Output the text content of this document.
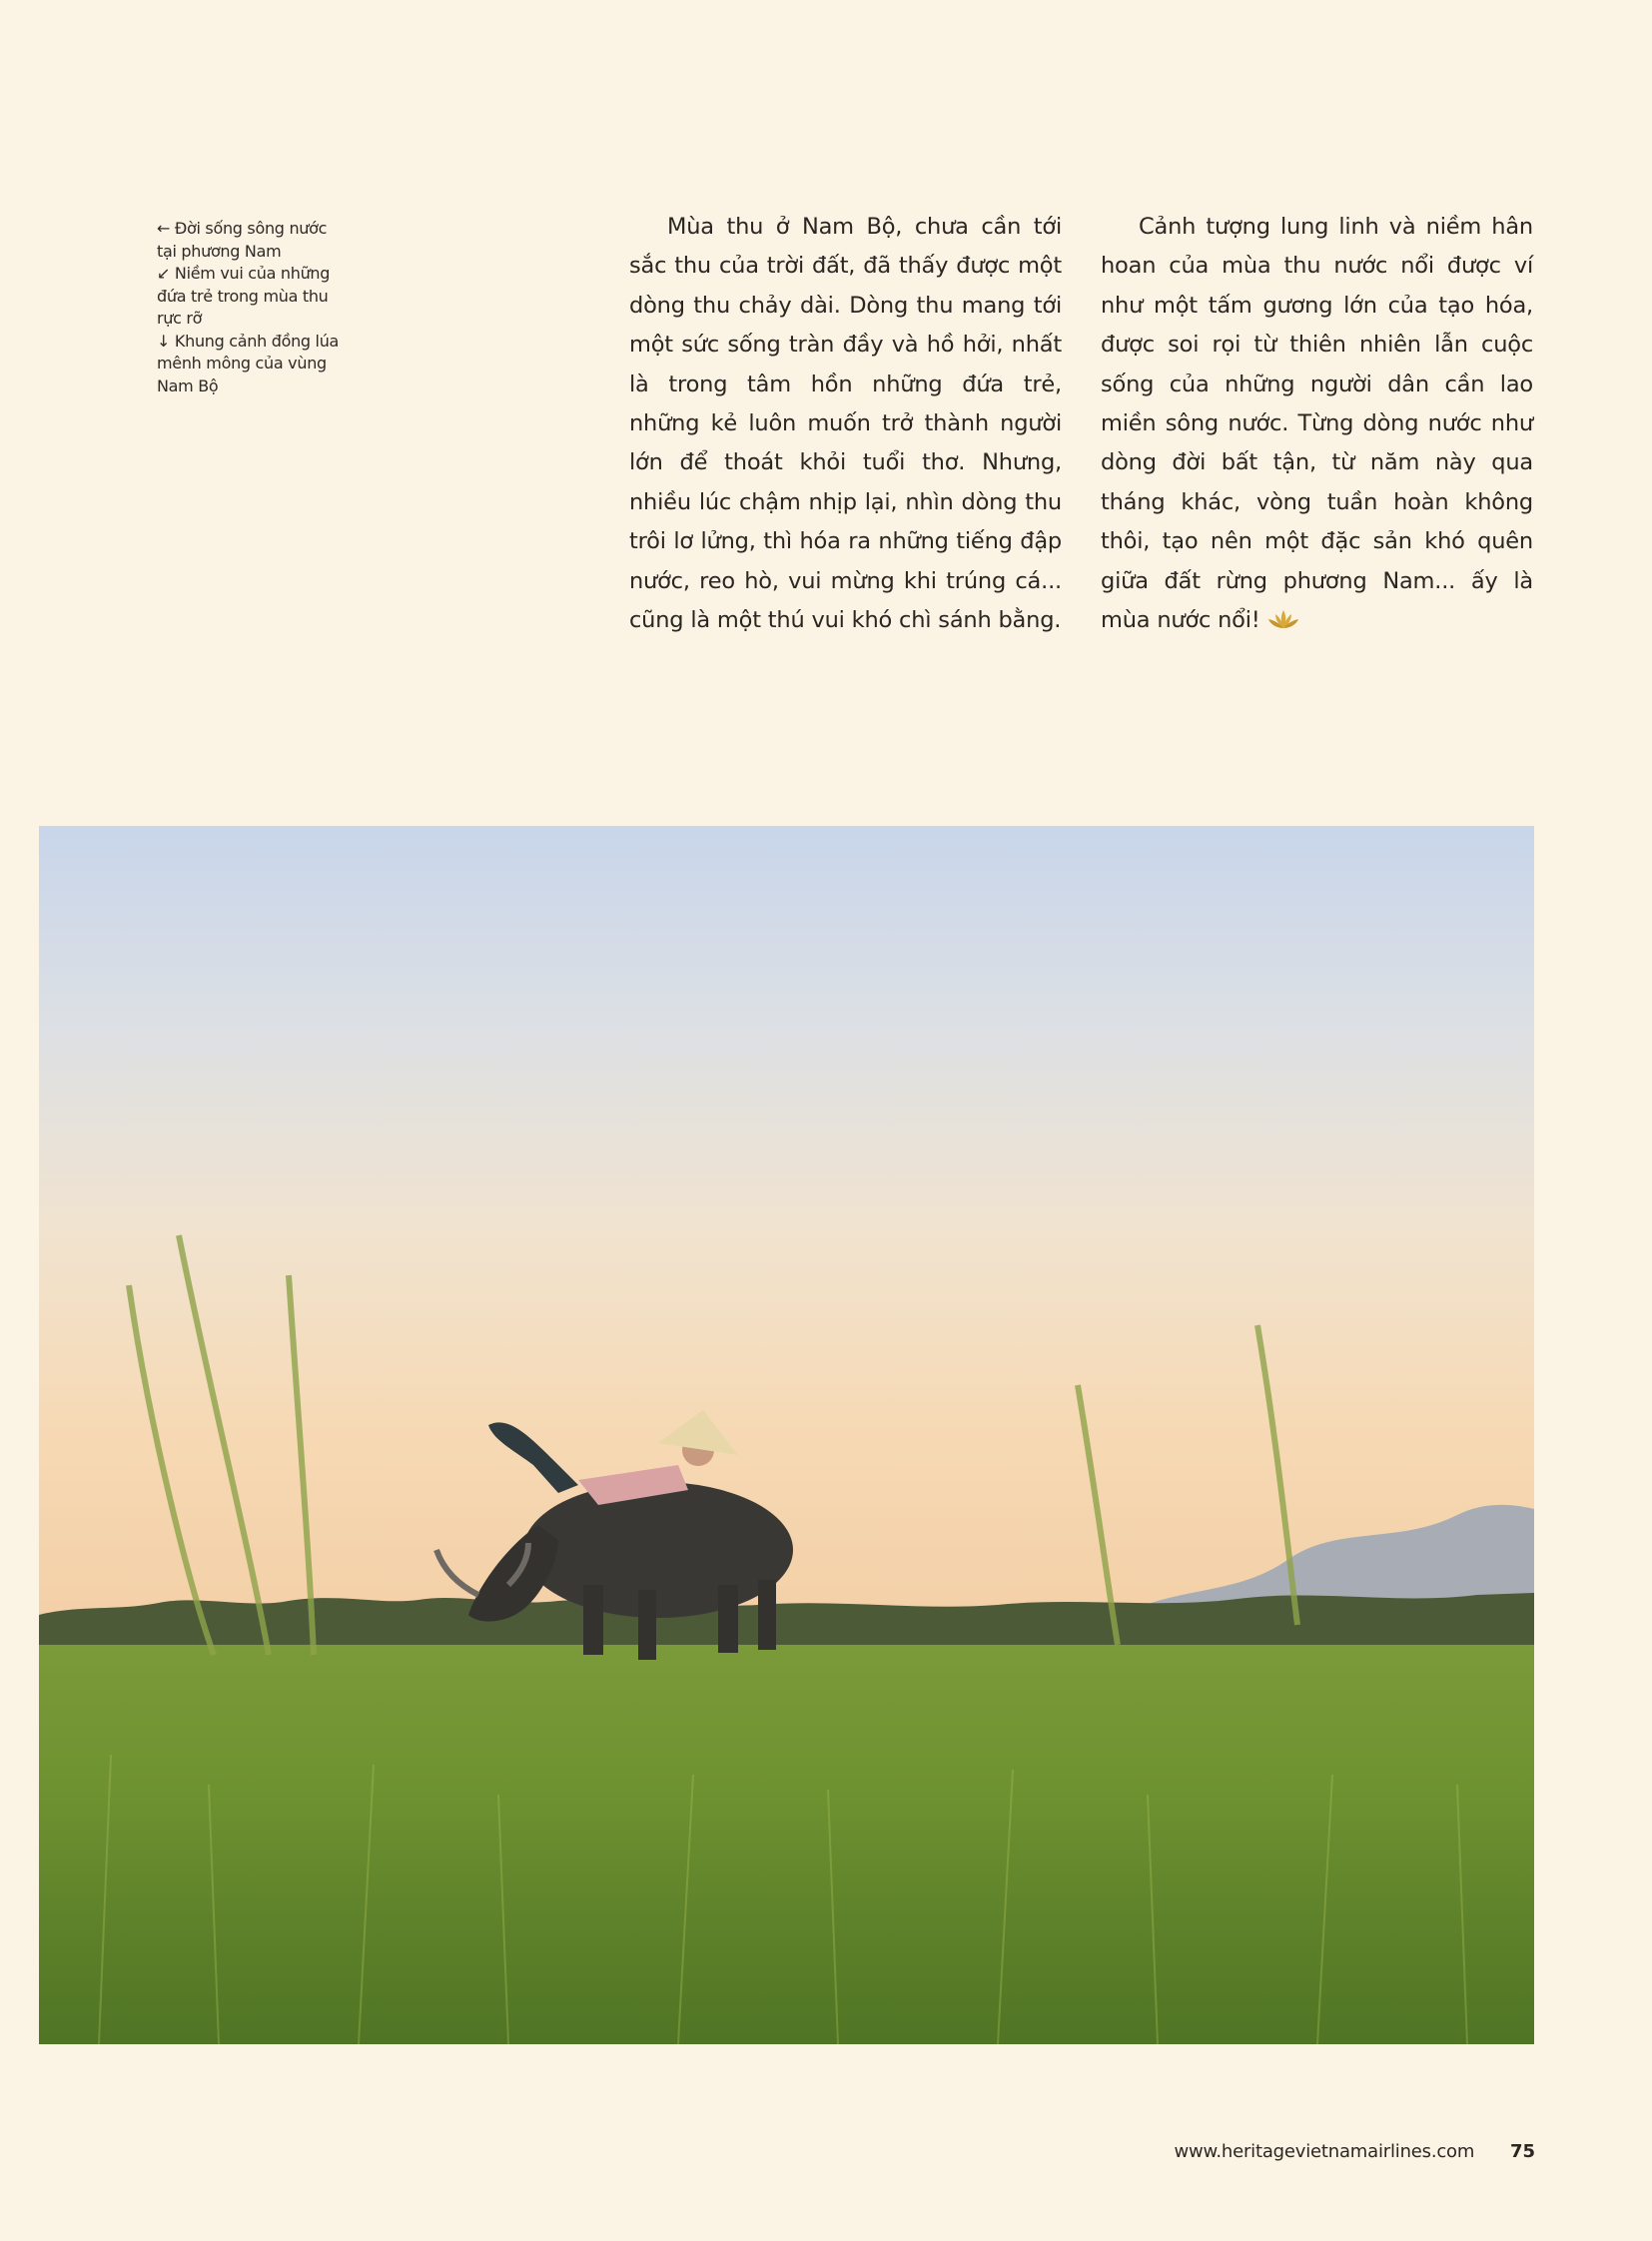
← Đời sống sông nước
tại phương Nam
↙ Niềm vui của những
đứa trẻ trong mùa thu
rực rỡ
↓ Khung cảnh đồng lúa
mênh mông của vùng
Nam Bộ

Mùa thu ở Nam Bộ, chưa cần tới sắc thu của trời đất, đã thấy được một dòng thu chảy dài. Dòng thu mang tới một sức sống tràn đầy và hồ hởi, nhất là trong tâm hồn những đứa trẻ, những kẻ luôn muốn trở thành người lớn để thoát khỏi tuổi thơ. Nhưng, nhiều lúc chậm nhịp lại, nhìn dòng thu trôi lơ lửng, thì hóa ra những tiếng đập nước, reo hò, vui mừng khi trúng cá... cũng là một thú vui khó chì sánh bằng.

Cảnh tượng lung linh và niềm hân hoan của mùa thu nước nổi được ví như một tấm gương lớn của tạo hóa, được soi rọi từ thiên nhiên lẫn cuộc sống của những người dân cần lao miền sông nước. Từng dòng nước như dòng đời bất tận, từ năm này qua tháng khác, vòng tuần hoàn không thôi, tạo nên một đặc sản khó quên giữa đất rừng phương Nam... ấy là mùa nước nổi!

www.heritagevietnamairlines.com 75
